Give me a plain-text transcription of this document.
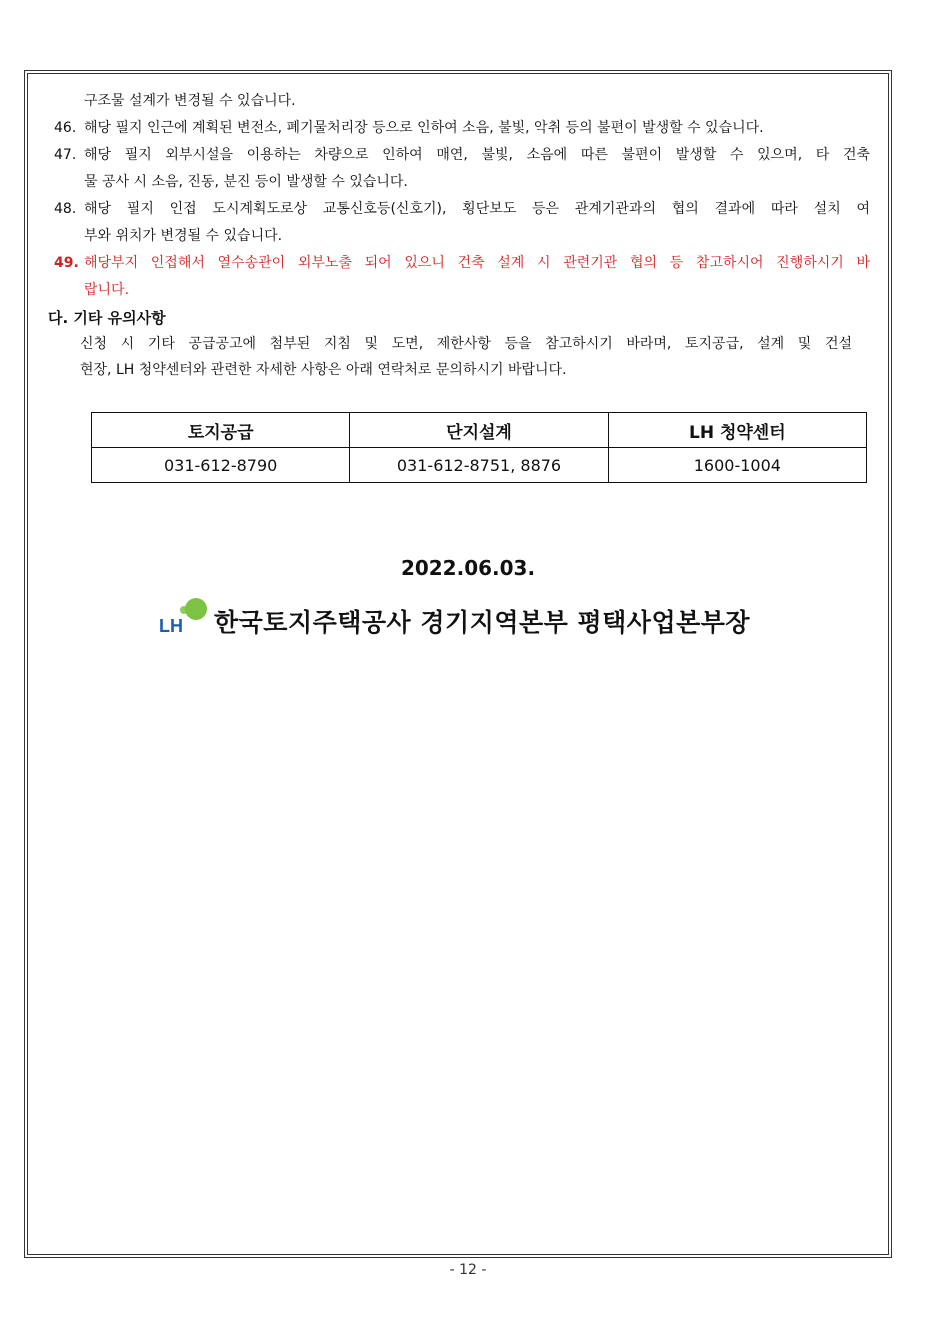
구조물 설계가 변경될 수 있습니다.
46. 해당 필지 인근에 계획된 변전소, 폐기물처리장 등으로 인하여 소음, 불빛, 악취 등의 불편이 발생할 수 있습니다.
47. 해당 필지 외부시설을 이용하는 차량으로 인하여 매연, 불빛, 소음에 따른 불편이 발생할 수 있으며, 타 건축
물 공사 시 소음, 진동, 분진 등이 발생할 수 있습니다.
48. 해당 필지 인접 도시계획도로상 교통신호등(신호기), 횡단보도 등은 관계기관과의 협의 결과에 따라 설치 여
부와 위치가 변경될 수 있습니다.
49. 해당부지 인접해서 열수송관이 외부노출 되어 있으니 건축 설계 시 관련기관 협의 등 참고하시어 진행하시기 바
랍니다.
다. 기타 유의사항
신청 시 기타 공급공고에 첨부된 지침 및 도면, 제한사항 등을 참고하시기 바라며, 토지공급, 설계 및 건설
현장, LH 청약센터와 관련한 자세한 사항은 아래 연락처로 문의하시기 바랍니다.
토지공급	단지설계	LH 청약센터
031-612-8790	031-612-8751, 8876	1600-1004
2022.06.03.
LH 한국토지주택공사 경기지역본부 평택사업본부장
- 12 -
